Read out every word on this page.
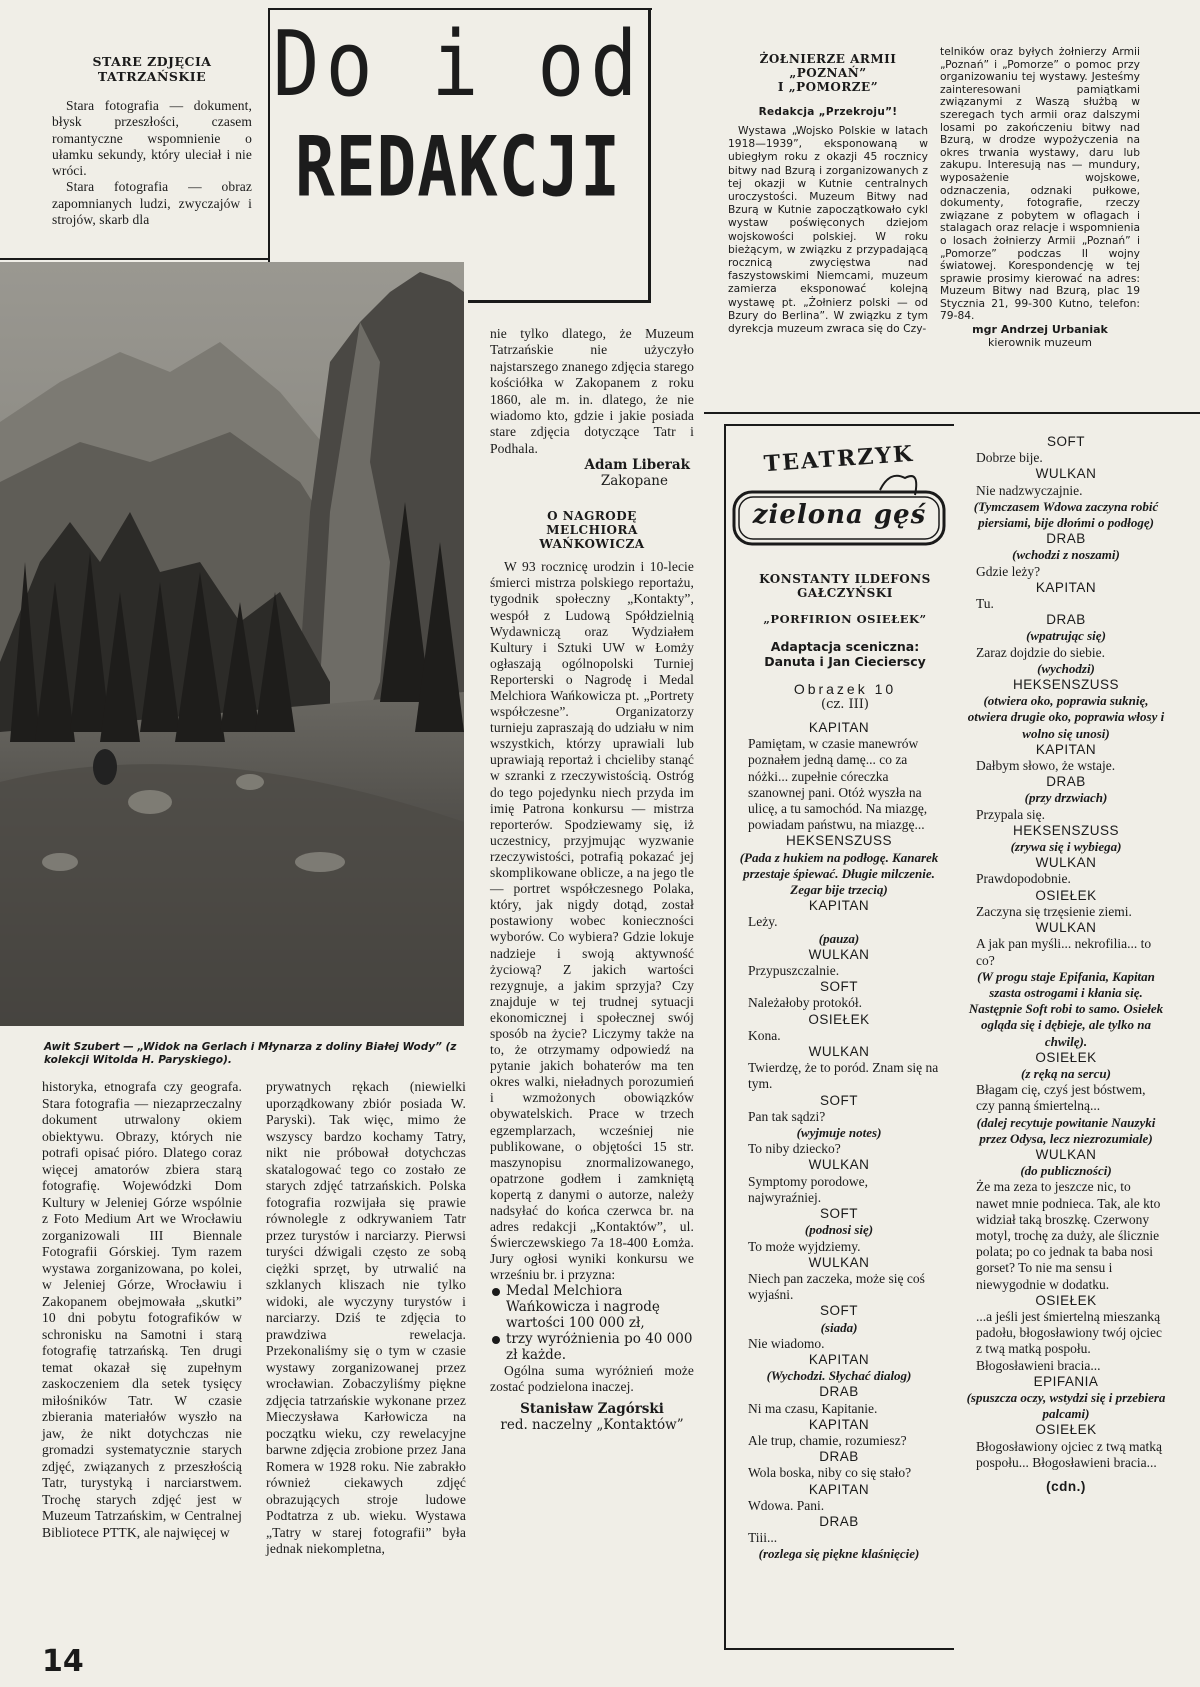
Do i od
REDAKCJI
STARE ZDJĘCIA TATRZAŃSKIE
Stara fotografia — dokument, błysk przeszłości, czasem romantyczne wspomnienie o ułamku sekundy, który uleciał i nie wróci.
Stara fotografia — obraz zapomnianych ludzi, zwyczajów i strojów, skarb dla
Awit Szubert — „Widok na Gerlach i Młynarza z doliny Białej Wody” (z kolekcji Witolda H. Paryskiego).
historyka, etnografa czy geografa. Stara fotografia — niezaprzeczalny dokument utrwalony okiem obiektywu. Obrazy, których nie potrafi opisać pióro. Dlatego coraz więcej amatorów zbiera starą fotografię. Wojewódzki Dom Kultury w Jeleniej Górze wspólnie z Foto Medium Art we Wrocławiu zorganizowali III Biennale Fotografii Górskiej. Tym razem wystawa zorganizowana, po kolei, w Jeleniej Górze, Wrocławiu i Zakopanem obejmowała „skutki” 10 dni pobytu fotografików w schronisku na Samotni i starą fotografię tatrzańską. Ten drugi temat okazał się zupełnym zaskoczeniem dla setek tysięcy miłośników Tatr. W czasie zbierania materiałów wyszło na jaw, że nikt dotychczas nie gromadzi systematycznie starych zdjęć, związanych z przeszłością Tatr, turystyką i narciarstwem. Trochę starych zdjęć jest w Muzeum Tatrzańskim, w Centralnej Bibliotece PTTK, ale najwięcej w
prywatnych rękach (niewielki uporządkowany zbiór posiada W. Paryski). Tak więc, mimo że wszyscy bardzo kochamy Tatry, nikt nie próbował dotychczas skatalogować tego co zostało ze starych zdjęć tatrzańskich. Polska fotografia rozwijała się prawie równolegle z odkrywaniem Tatr przez turystów i narciarzy. Pierwsi turyści dźwigali często ze sobą ciężki sprzęt, by utrwalić na szklanych kliszach nie tylko widoki, ale wyczyny turystów i narciarzy. Dziś te zdjęcia to prawdziwa rewelacja. Przekonaliśmy się o tym w czasie wystawy zorganizowanej przez wrocławian. Zobaczyliśmy piękne zdjęcia tatrzańskie wykonane przez Mieczysława Karłowicza na początku wieku, czy rewelacyjne barwne zdjęcia zrobione przez Jana Romera w 1928 roku. Nie zabrakło również ciekawych zdjęć obrazujących stroje ludowe Podtatrza z ub. wieku. Wystawa „Tatry w starej fotografii” była jednak niekompletna,
14
nie tylko dlatego, że Muzeum Tatrzańskie nie użyczyło najstarszego znanego zdjęcia starego kościółka w Zakopanem z roku 1860, ale m. in. dlatego, że nie wiadomo kto, gdzie i jakie posiada stare zdjęcia dotyczące Tatr i Podhala.
Adam Liberak
Zakopane
O NAGRODĘ MELCHIORA WAŃKOWICZA
W 93 rocznicę urodzin i 10-lecie śmierci mistrza polskiego reportażu, tygodnik społeczny „Kontakty”, wespół z Ludową Spółdzielnią Wydawniczą oraz Wydziałem Kultury i Sztuki UW w Łomży ogłaszają ogólnopolski Turniej Reporterski o Nagrodę i Medal Melchiora Wańkowicza pt. „Portrety współczesne”. Organizatorzy turnieju zapraszają do udziału w nim wszystkich, którzy uprawiali lub uprawiają reportaż i chcieliby stanąć w szranki z rzeczywistością. Ostróg do tego pojedynku niech przyda im imię Patrona konkursu — mistrza reporterów. Spodziewamy się, iż uczestnicy, przyjmując wyzwanie rzeczywistości, potrafią pokazać jej skomplikowane oblicze, a na jego tle — portret współczesnego Polaka, który, jak nigdy dotąd, został postawiony wobec konieczności wyborów. Co wybiera? Gdzie lokuje nadzieje i swoją aktywność życiową? Z jakich wartości rezygnuje, a jakim sprzyja? Czy znajduje w tej trudnej sytuacji ekonomicznej i społecznej swój sposób na życie? Liczymy także na to, że otrzymamy odpowiedź na pytanie jakich bohaterów ma ten okres walki, nieładnych porozumień i wzmożonych obowiązków obywatelskich. Prace w trzech egzemplarzach, wcześniej nie publikowane, o objętości 15 str. maszynopisu znormalizowanego, opatrzone godłem i zamkniętą kopertą z danymi o autorze, należy nadsyłać do końca czerwca br. na adres redakcji „Kontaktów”, ul. Świerczewskiego 7a 18-400 Łomża. Jury ogłosi wyniki konkursu we wrześniu br. i przyzna:
Medal Melchiora Wańkowicza i nagrodę wartości 100 000 zł,
trzy wyróżnienia po 40 000 zł każde.
Ogólna suma wyróżnień może zostać podzielona inaczej.
Stanisław Zagórski
red. naczelny „Kontaktów”
ŻOŁNIERZE ARMII
„POZNAŃ”
I „POMORZE”
Redakcja „Przekroju”!
Wystawa „Wojsko Polskie w latach 1918—1939”, eksponowaną w ubiegłym roku z okazji 45 rocznicy bitwy nad Bzurą i zorganizowanych z tej okazji w Kutnie centralnych uroczystości. Muzeum Bitwy nad Bzurą w Kutnie zapoczątkowało cykl wystaw poświęconych dziejom wojskowości polskiej. W roku bieżącym, w związku z przypadającą rocznicą zwycięstwa nad faszystowskimi Niemcami, muzeum zamierza eksponować kolejną wystawę pt. „Żołnierz polski — od Bzury do Berlina”. W związku z tym dyrekcja muzeum zwraca się do Czy-
telników oraz byłych żołnierzy Armii „Poznań” i „Pomorze” o pomoc przy organizowaniu tej wystawy. Jesteśmy zainteresowani pamiątkami związanymi z Waszą służbą w szeregach tych armii oraz dalszymi losami po zakończeniu bitwy nad Bzurą, w drodze wypożyczenia na okres trwania wystawy, daru lub zakupu. Interesują nas — mundury, wyposażenie wojskowe, odznaczenia, odznaki pułkowe, dokumenty, fotografie, rzeczy związane z pobytem w oflagach i stalagach oraz relacje i wspomnienia o losach żołnierzy Armii „Poznań” i „Pomorze” podczas II wojny światowej. Korespondencję w tej sprawie prosimy kierować na adres: Muzeum Bitwy nad Bzurą, plac 19 Stycznia 21, 99-300 Kutno, telefon: 79-84.
mgr Andrzej Urbaniak
kierownik muzeum
TEATRZYK
zielona gęś
KONSTANTY ILDEFONS GAŁCZYŃSKI
„PORFIRION OSIEŁEK”
Adaptacja sceniczna:
Danuta i Jan Ciecierscy
Obrazek 10
(cz. III)

KAPITAN

Pamiętam, w czasie manewrów poznałem jedną damę... co za nóżki... zupełnie córeczka szanownej pani. Otóż wyszła na ulicę, a tu samochód. Na miazgę, powiadam państwu, na miazgę...

HEKSENSZUSS

(Pada z hukiem na podłogę. Kanarek przestaje śpiewać. Długie milczenie. Zegar bije trzecią)

KAPITAN

Leży.

(pauza)

WULKAN

Przypuszczalnie.

SOFT

Należałoby protokół.

OSIEŁEK

Kona.

WULKAN

Twierdzę, że to poród. Znam się na tym.

SOFT

Pan tak sądzi?

(wyjmuje notes)

To niby dziecko?

WULKAN

Symptomy porodowe, najwyraźniej.

SOFT

(podnosi się)

To może wyjdziemy.

WULKAN

Niech pan zaczeka, może się coś wyjaśni.

SOFT

(siada)

Nie wiadomo.

KAPITAN

(Wychodzi. Słychać dialog)

DRAB

Ni ma czasu, Kapitanie.

KAPITAN

Ale trup, chamie, rozumiesz?

DRAB

Wola boska, niby co się stało?

KAPITAN

Wdowa. Pani.

DRAB

Tiii...

(rozlega się piękne klaśnięcie)

SOFT

Dobrze bije.

WULKAN

Nie nadzwyczajnie.

(Tymczasem Wdowa zaczyna robić piersiami, bije dłońmi o podłogę)

DRAB

(wchodzi z noszami)

Gdzie leży?

KAPITAN

Tu.

DRAB

(wpatrując się)

Zaraz dojdzie do siebie.

(wychodzi)

HEKSENSZUSS

(otwiera oko, poprawia suknię, otwiera drugie oko, poprawia włosy i wolno się unosi)

KAPITAN

Dałbym słowo, że wstaje.

DRAB

(przy drzwiach)

Przypala się.

HEKSENSZUSS

(zrywa się i wybiega)

WULKAN

Prawdopodobnie.

OSIEŁEK

Zaczyna się trzęsienie ziemi.

WULKAN

A jak pan myśli... nekrofilia... to co?

(W progu staje Epifania, Kapitan szasta ostrogami i kłania się. Następnie Soft robi to samo. Osiełek ogląda się i dębieje, ale tylko na chwilę).

OSIEŁEK

(z ręką na sercu)

Błagam cię, czyś jest bóstwem, czy panną śmiertelną...

(dalej recytuje powitanie Nauzyki przez Odysa, lecz niezrozumiale)

WULKAN

(do publiczności)

Że ma zeza to jeszcze nic, to nawet mnie podnieca. Tak, ale kto widział taką broszkę. Czerwony motyl, trochę za duży, ale ślicznie polata; po co jednak ta baba nosi gorset? To nie ma sensu i niewygodnie w dodatku.

OSIEŁEK

...a jeśli jest śmiertelną mieszanką padołu, błogosławiony twój ojciec z twą matką pospołu. Błogosławieni bracia...

EPIFANIA

(spuszcza oczy, wstydzi się i przebiera palcami)

OSIEŁEK

Błogosławiony ojciec z twą matką pospołu... Błogosławieni bracia...

(cdn.)
